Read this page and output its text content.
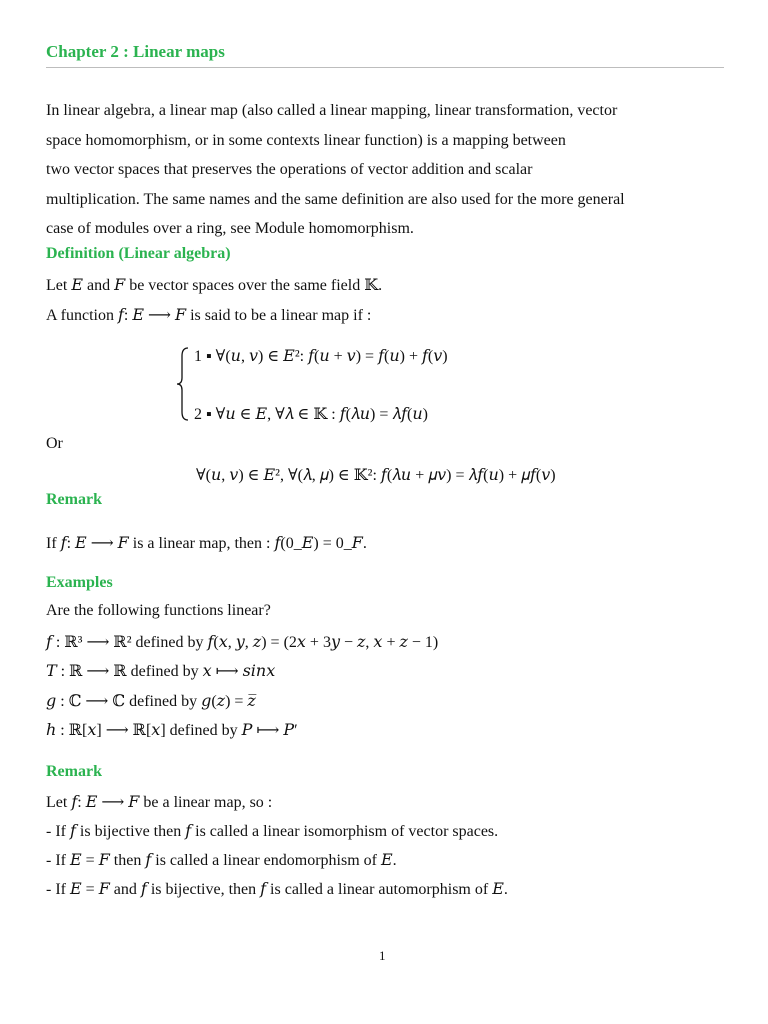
Chapter 2 : Linear maps
In linear algebra, a linear map (also called a linear mapping, linear transformation, vector
space homomorphism, or in some contexts linear function) is a mapping between
two vector spaces that preserves the operations of vector addition and scalar
multiplication. The same names and the same definition are also used for the more general
case of modules over a ring, see Module homomorphism.
Definition (Linear algebra)
Let 𝐸 and 𝐹 be vector spaces over the same field 𝕂.
A function 𝑓: 𝐸 ⟶ 𝐹 is said to be a linear map if :
1 ▪ ∀(𝑢, 𝑣) ∈ 𝐸²: 𝑓(𝑢 + 𝑣) = 𝑓(𝑢) + 𝑓(𝑣)
2 ▪ ∀𝑢 ∈ 𝐸, ∀𝜆 ∈ 𝕂 : 𝑓(𝜆𝑢) = 𝜆𝑓(𝑢)
Or
∀(𝑢, 𝑣) ∈ 𝐸², ∀(𝜆, 𝜇) ∈ 𝕂²: 𝑓(𝜆𝑢 + 𝜇𝑣) = 𝜆𝑓(𝑢) + 𝜇𝑓(𝑣)
Remark
If 𝑓: 𝐸 ⟶ 𝐹 is a linear map, then : 𝑓(0_𝐸) = 0_𝐹.
Examples
Are the following functions linear?
𝑓 : ℝ³ ⟶ ℝ² defined by 𝑓(𝑥, 𝑦, 𝑧) = (2𝑥 + 3𝑦 − 𝑧, 𝑥 + 𝑧 − 1)
𝑇 : ℝ ⟶ ℝ defined by 𝑥 ⟼ 𝑠𝑖𝑛𝑥
𝑔 : ℂ ⟶ ℂ defined by 𝑔(𝑧) = 𝑧̅
ℎ : ℝ[𝑥] ⟶ ℝ[𝑥] defined by 𝑃 ⟼ 𝑃′
Remark
Let 𝑓: 𝐸 ⟶ 𝐹 be a linear map, so :
- If 𝑓 is bijective then 𝑓 is called a linear isomorphism of vector spaces.
- If 𝐸 = 𝐹 then 𝑓 is called a linear endomorphism of 𝐸.
- If 𝐸 = 𝐹 and 𝑓 is bijective, then 𝑓 is called a linear automorphism of 𝐸.
1
